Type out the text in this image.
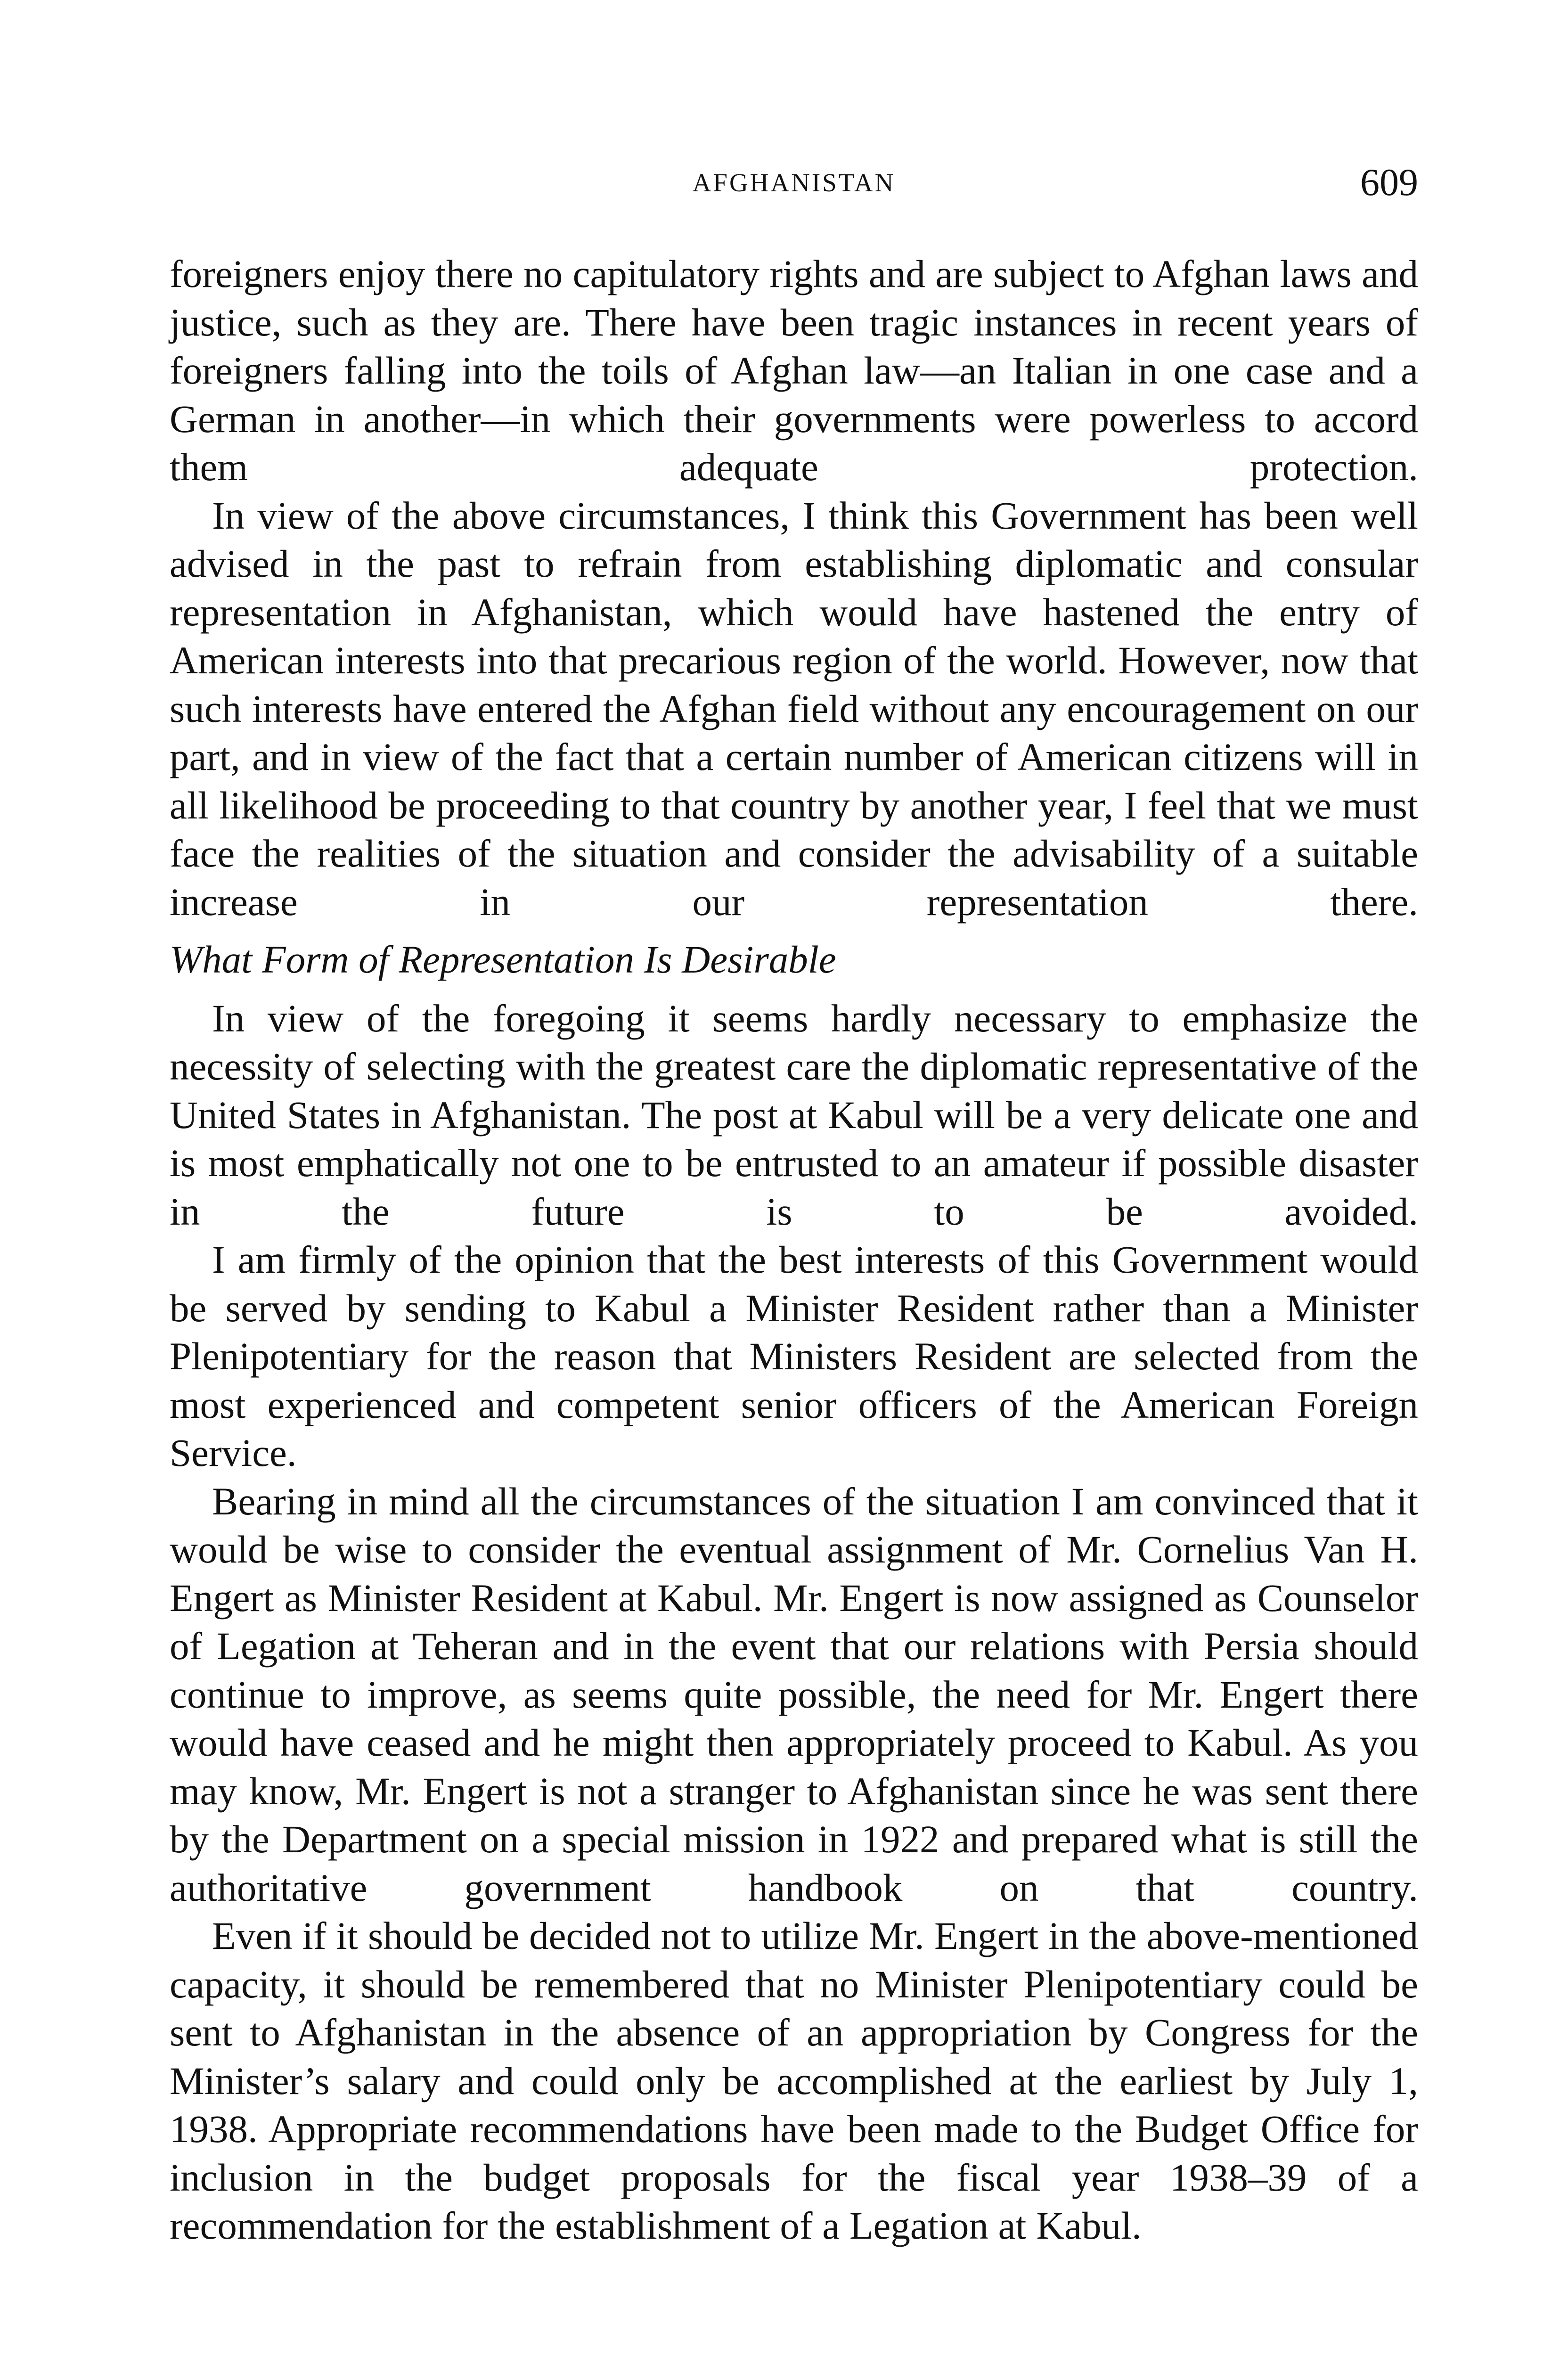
AFGHANISTAN	609

foreigners enjoy there no capitulatory rights and are subject to Afghan laws and justice, such as they are. There have been tragic instances in recent years of foreigners falling into the toils of Afghan law—an Italian in one case and a German in another—in which their governments were powerless to accord them adequate protection.

In view of the above circumstances, I think this Government has been well advised in the past to refrain from establishing diplomatic and consular representation in Afghanistan, which would have hastened the entry of American interests into that precarious region of the world. However, now that such interests have entered the Afghan field without any encouragement on our part, and in view of the fact that a certain number of American citizens will in all likelihood be proceeding to that country by another year, I feel that we must face the realities of the situation and consider the advisability of a suitable increase in our representation there.

What Form of Representation Is Desirable

In view of the foregoing it seems hardly necessary to emphasize the necessity of selecting with the greatest care the diplomatic representative of the United States in Afghanistan. The post at Kabul will be a very delicate one and is most emphatically not one to be entrusted to an amateur if possible disaster in the future is to be avoided.

I am firmly of the opinion that the best interests of this Government would be served by sending to Kabul a Minister Resident rather than a Minister Plenipotentiary for the reason that Ministers Resident are selected from the most experienced and competent senior officers of the American Foreign Service.

Bearing in mind all the circumstances of the situation I am convinced that it would be wise to consider the eventual assignment of Mr. Cornelius Van H. Engert as Minister Resident at Kabul. Mr. Engert is now assigned as Counselor of Legation at Teheran and in the event that our relations with Persia should continue to improve, as seems quite possible, the need for Mr. Engert there would have ceased and he might then appropriately proceed to Kabul. As you may know, Mr. Engert is not a stranger to Afghanistan since he was sent there by the Department on a special mission in 1922 and prepared what is still the authoritative government handbook on that country.

Even if it should be decided not to utilize Mr. Engert in the above-mentioned capacity, it should be remembered that no Minister Plenipotentiary could be sent to Afghanistan in the absence of an appropriation by Congress for the Minister’s salary and could only be accomplished at the earliest by July 1, 1938. Appropriate recommendations have been made to the Budget Office for inclusion in the budget proposals for the fiscal year 1938–39 of a recommendation for the establishment of a Legation at Kabul.
